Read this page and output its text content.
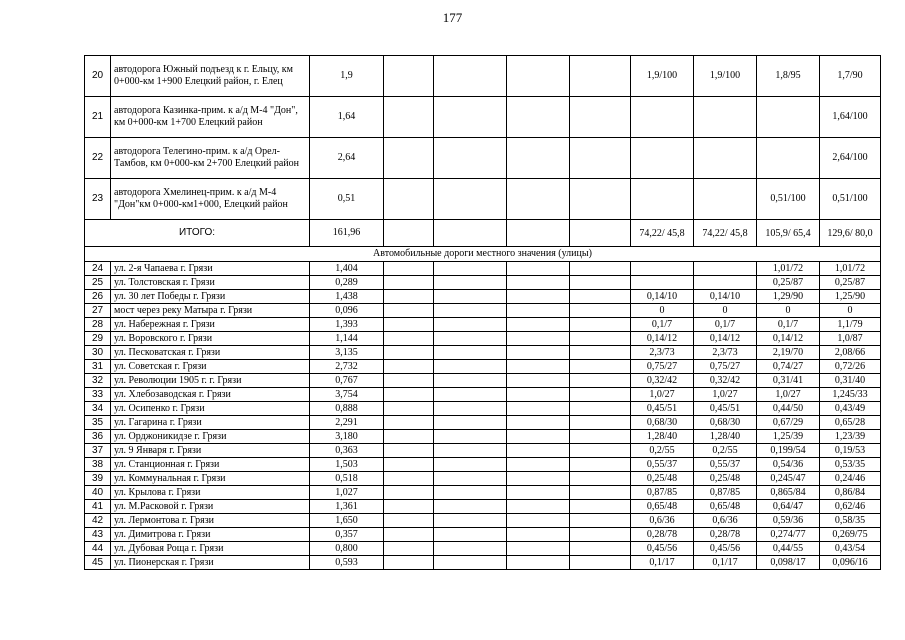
177
20	автодорога Южный подъезд к г. Ельцу, км 0+000-км 1+900 Елецкий район, г. Елец	1,9					1,9/100	1,9/100	1,8/95	1,7/90
21	автодорога Казинка-прим. к а/д М-4 "Дон", км 0+000-км 1+700 Елецкий район	1,64								1,64/100
22	автодорога Телегино-прим. к а/д Орел-Тамбов, км 0+000-км 2+700 Елецкий район	2,64								2,64/100
23	автодорога Хмелинец-прим. к а/д М-4 "Дон"км 0+000-км1+000, Елецкий район	0,51							0,51/100	0,51/100
ИТОГО:		161,96					74,22/ 45,8	74,22/ 45,8	105,9/ 65,4	129,6/ 80,0
Автомобильные дороги местного значения (улицы)										
24	ул. 2-я Чапаева г. Грязи	1,404							1,01/72	1,01/72
25	ул. Толстовская г. Грязи	0,289							0,25/87	0,25/87
26	ул. 30 лет Победы г. Грязи	1,438					0,14/10	0,14/10	1,29/90	1,25/90
27	мост через реку Матыра г. Грязи	0,096					0	0	0	0
28	ул. Набережная г. Грязи	1,393					0,1/7	0,1/7	0,1/7	1,1/79
29	ул. Воровского г. Грязи	1,144					0,14/12	0,14/12	0,14/12	1,0/87
30	ул. Песковатская г. Грязи	3,135					2,3/73	2,3/73	2,19/70	2,08/66
31	ул. Советская г. Грязи	2,732					0,75/27	0,75/27	0,74/27	0,72/26
32	ул. Революции 1905 г. г. Грязи	0,767					0,32/42	0,32/42	0,31/41	0,31/40
33	ул. Хлебозаводская г. Грязи	3,754					1,0/27	1,0/27	1,0/27	1,245/33
34	ул. Осипенко г. Грязи	0,888					0,45/51	0,45/51	0,44/50	0,43/49
35	ул. Гагарина г. Грязи	2,291					0,68/30	0,68/30	0,67/29	0,65/28
36	ул. Орджоникидзе г. Грязи	3,180					1,28/40	1,28/40	1,25/39	1,23/39
37	ул. 9 Января г. Грязи	0,363					0,2/55	0,2/55	0,199/54	0,19/53
38	ул. Станционная г. Грязи	1,503					0,55/37	0,55/37	0,54/36	0,53/35
39	ул. Коммунальная г. Грязи	0,518					0,25/48	0,25/48	0,245/47	0,24/46
40	ул. Крылова г. Грязи	1,027					0,87/85	0,87/85	0,865/84	0,86/84
41	ул. М.Расковой г. Грязи	1,361					0,65/48	0,65/48	0,64/47	0,62/46
42	ул. Лермонтова г. Грязи	1,650					0,6/36	0,6/36	0,59/36	0,58/35
43	ул. Димитрова г. Грязи	0,357					0,28/78	0,28/78	0,274/77	0,269/75
44	ул. Дубовая Роща г. Грязи	0,800					0,45/56	0,45/56	0,44/55	0,43/54
45	ул. Пионерская г. Грязи	0,593					0,1/17	0,1/17	0,098/17	0,096/16
